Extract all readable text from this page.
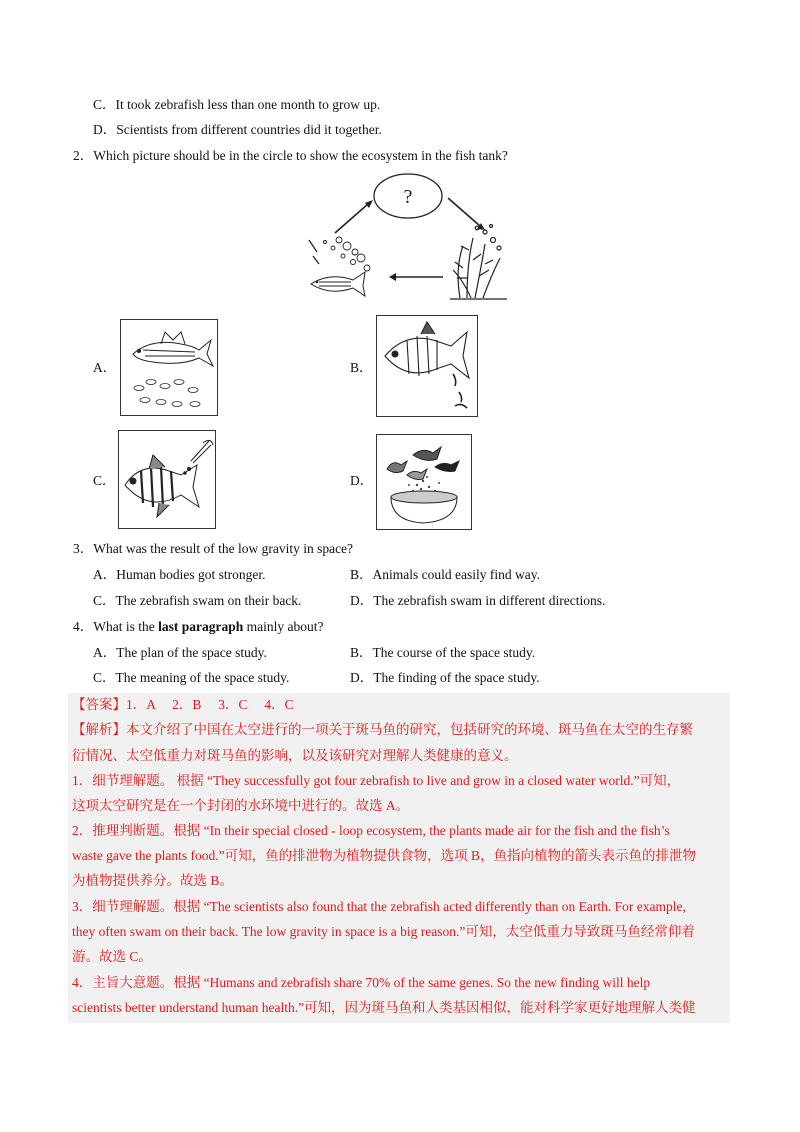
C．It took zebrafish less than one month to grow up.
D．Scientists from different countries did it together.
2．Which picture should be in the circle to show the ecosystem in the fish tank?
?
A．	B．
C．	D．
3．What was the result of the low gravity in space?
A．Human bodies got stronger.	B．Animals could easily find way.
C．The zebrafish swam on their back.	D．The zebrafish swam in different directions.
4．What is the last paragraph mainly about?
A．The plan of the space study.	B．The course of the space study.
C．The meaning of the space study.	D．The finding of the space study.
【答案】1．A　 2．B　 3．C　 4．C
【解析】本文介绍了中国在太空进行的一项关于斑马鱼的研究，包括研究的环境、斑马鱼在太空的生存繁
衍情况、太空低重力对斑马鱼的影响，以及该研究对理解人类健康的意义。
1．细节理解题。 根据 “They successfully got four zebrafish to live and grow in a closed water world.”可知，
这项太空研究是在一个封闭的水环境中进行的。故选 A。
2．推理判断题。根据 “In their special closed - loop ecosystem, the plants made air for the fish and the fish’s
waste gave the plants food.”可知，鱼的排泄物为植物提供食物，选项 B，鱼指向植物的箭头表示鱼的排泄物
为植物提供养分。故选 B。
3．细节理解题。根据 “The scientists also found that the zebrafish acted differently than on Earth. For example,
they often swam on their back. The low gravity in space is a big reason.”可知，太空低重力导致斑马鱼经常仰着
游。故选 C。
4．主旨大意题。根据 “Humans and zebrafish share 70% of the same genes. So the new finding will help
scientists better understand human health.”可知，因为斑马鱼和人类基因相似，能对科学家更好地理解人类健
